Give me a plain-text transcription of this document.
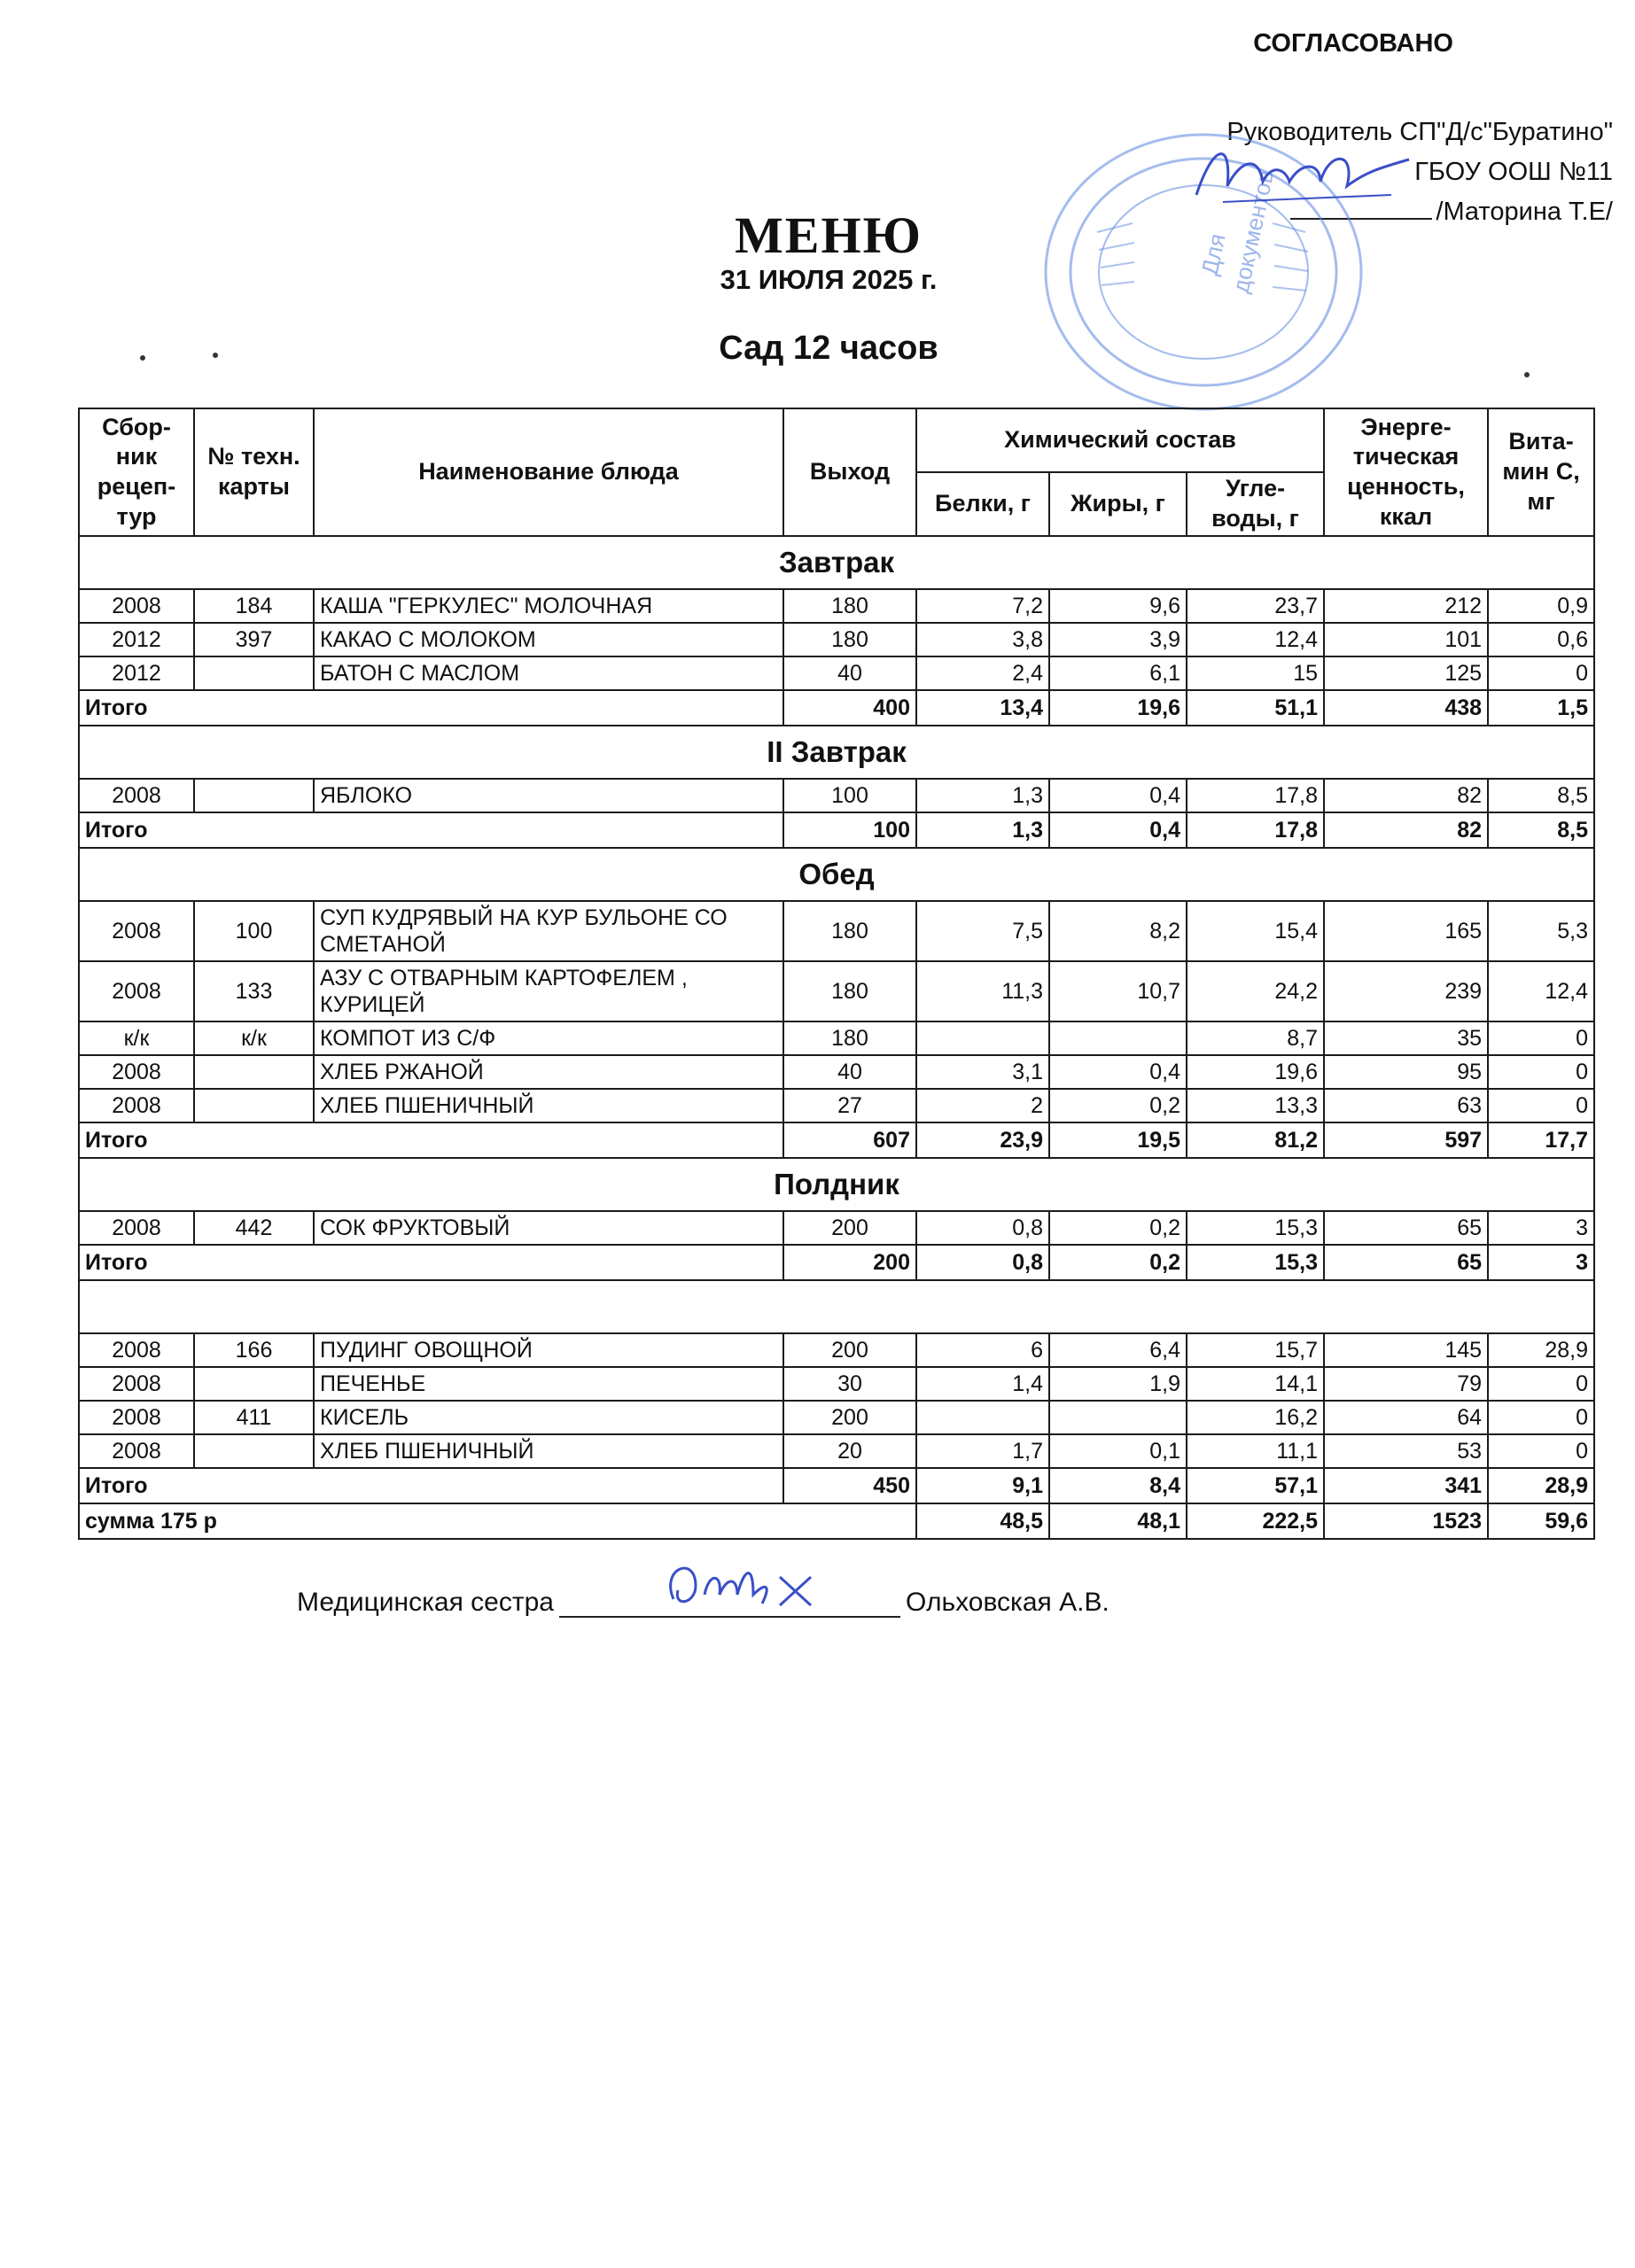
СОГЛАСОВАНО
Руководитель СП"Д/с"Буратино"
ГБОУ ООШ №11
/Маторина Т.Е/
Для
документов
МЕНЮ
31 ИЮЛЯ 2025 г.
Сад 12 часов
Сбор-ник рецеп-тур	№ техн. карты	Наименование блюда	Выход	Химический состав			Энерге-тическая ценность, ккал	Вита-мин С, мг
				Белки, г	Жиры, г	Угле-воды, г		
Завтрак								
2008	184	КАША "ГЕРКУЛЕС" МОЛОЧНАЯ	180	7,2	9,6	23,7	212	0,9
2012	397	КАКАО С МОЛОКОМ	180	3,8	3,9	12,4	101	0,6
2012		БАТОН С МАСЛОМ	40	2,4	6,1	15	125	0
Итого			400	13,4	19,6	51,1	438	1,5
II Завтрак								
2008		ЯБЛОКО	100	1,3	0,4	17,8	82	8,5
Итого			100	1,3	0,4	17,8	82	8,5
Обед								
2008	100	СУП КУДРЯВЫЙ НА КУР БУЛЬОНЕ СО СМЕТАНОЙ	180	7,5	8,2	15,4	165	5,3
2008	133	АЗУ С ОТВАРНЫМ КАРТОФЕЛЕМ , КУРИЦЕЙ	180	11,3	10,7	24,2	239	12,4
к/к	к/к	КОМПОТ ИЗ С/Ф	180			8,7	35	0
2008		ХЛЕБ РЖАНОЙ	40	3,1	0,4	19,6	95	0
2008		ХЛЕБ ПШЕНИЧНЫЙ	27	2	0,2	13,3	63	0
Итого			607	23,9	19,5	81,2	597	17,7
Полдник								
2008	442	СОК ФРУКТОВЫЙ	200	0,8	0,2	15,3	65	3
Итого			200	0,8	0,2	15,3	65	3

2008	166	ПУДИНГ ОВОЩНОЙ	200	6	6,4	15,7	145	28,9
2008		ПЕЧЕНЬЕ	30	1,4	1,9	14,1	79	0
2008	411	КИСЕЛЬ	200			16,2	64	0
2008		ХЛЕБ ПШЕНИЧНЫЙ	20	1,7	0,1	11,1	53	0
Итого			450	9,1	8,4	57,1	341	28,9
сумма 175 р				48,5	48,1	222,5	1523	59,6
Медицинская сестра	Ольховская А.В.
